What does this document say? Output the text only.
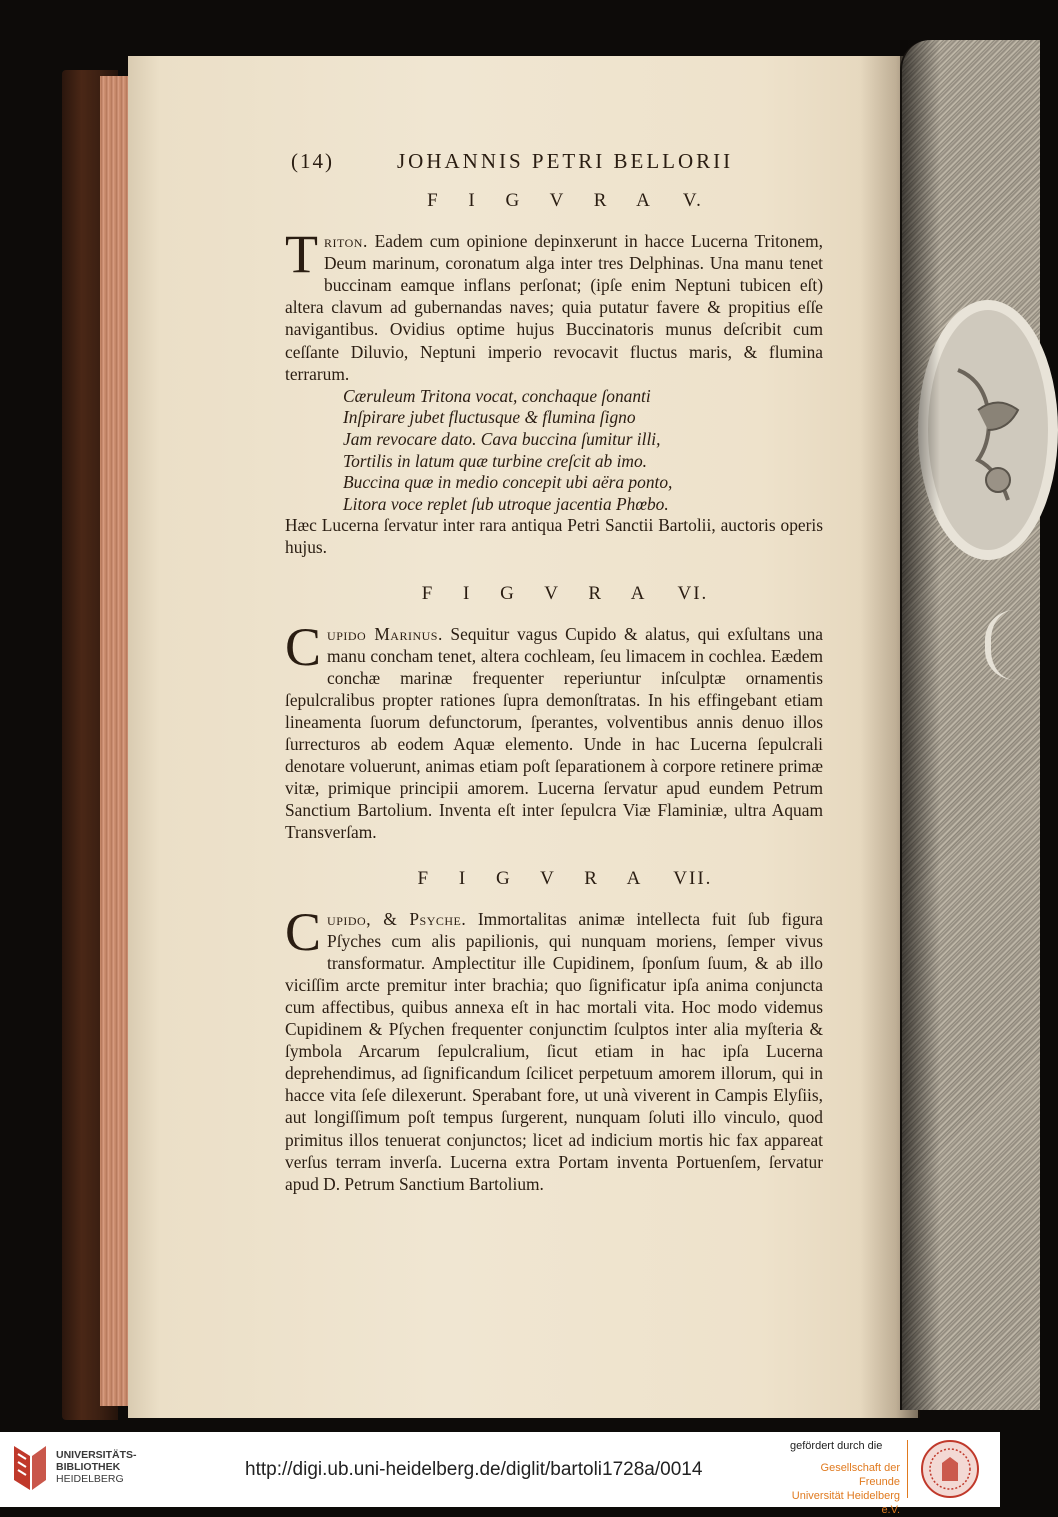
(14)	JOHANNIS PETRI BELLORII
F I G V R A V.

Triton. Eadem cum opinione depinxerunt in hacce Lucerna Tritonem, Deum marinum, coronatum alga inter tres Delphinas. Una manu tenet buccinam eamque inflans perſonat; (ipſe enim Neptuni tubicen eſt) altera clavum ad gubernandas naves; quia putatur favere & propitius eſſe navigantibus. Ovidius optime hujus Buccinatoris munus deſcribit cum ceſſante Diluvio, Neptuni imperio revocavit fluctus maris, & flumina terrarum.

Cæruleum Tritona vocat, conchaque ſonanti
Inſpirare jubet fluctusque & flumina ſigno
Jam revocare dato. Cava buccina ſumitur illi,
Tortilis in latum quæ turbine creſcit ab imo.
Buccina quæ in medio concepit ubi aëra ponto,
Litora voce replet ſub utroque jacentia Phœbo.

Hæc Lucerna ſervatur inter rara antiqua Petri Sanctii Bartolii, auctoris operis hujus.

F I G V R A VI.

Cupido Marinus. Sequitur vagus Cupido & alatus, qui exſultans una manu concham tenet, altera cochleam, ſeu limacem in cochlea. Eædem conchæ marinæ frequenter reperiuntur inſculptæ ornamentis ſepulcralibus propter rationes ſupra demonſtratas. In his effingebant etiam lineamenta ſuorum defunctorum, ſperantes, volventibus annis denuo illos ſurrecturos ab eodem Aquæ elemento. Unde in hac Lucerna ſepulcrali denotare voluerunt, animas etiam poſt ſeparationem à corpore retinere primæ vitæ, primique principii amorem. Lucerna ſervatur apud eundem Petrum Sanctium Bartolium. Inventa eſt inter ſepulcra Viæ Flaminiæ, ultra Aquam Transverſam.

F I G V R A VII.

Cupido, & Psyche. Immortalitas animæ intellecta fuit ſub figura Pſyches cum alis papilionis, qui nunquam moriens, ſemper vivus transformatur. Amplectitur ille Cupidinem, ſponſum ſuum, & ab illo viciſſim arcte premitur inter brachia; quo ſignificatur ipſa anima conjuncta cum affectibus, quibus annexa eſt in hac mortali vita. Hoc modo videmus Cupidinem & Pſychen frequenter conjunctim ſculptos inter alia myſteria & ſymbola Arcarum ſepulcralium, ſicut etiam in hac ipſa Lucerna deprehendimus, ad ſignificandum ſcilicet perpetuum amorem illorum, qui in hacce vita ſeſe dilexerunt. Sperabant fore, ut unà viverent in Campis Elyſiis, aut longiſſimum poſt tempus ſurgerent, nunquam ſoluti illo vinculo, quod primitus illos tenuerat conjunctos; licet ad indicium mortis hic fax appareat verſus terram inverſa. Lucerna extra Portam inventa Portuenſem, ſervatur apud D. Petrum Sanctium Bartolium.

UNIVERSITÄTS-
BIBLIOTHEK
HEIDELBERG	http://digi.ub.uni-heidelberg.de/diglit/bartoli1728a/0014
gefördert durch die
Gesellschaft der Freunde
Universität Heidelberg e.V.
